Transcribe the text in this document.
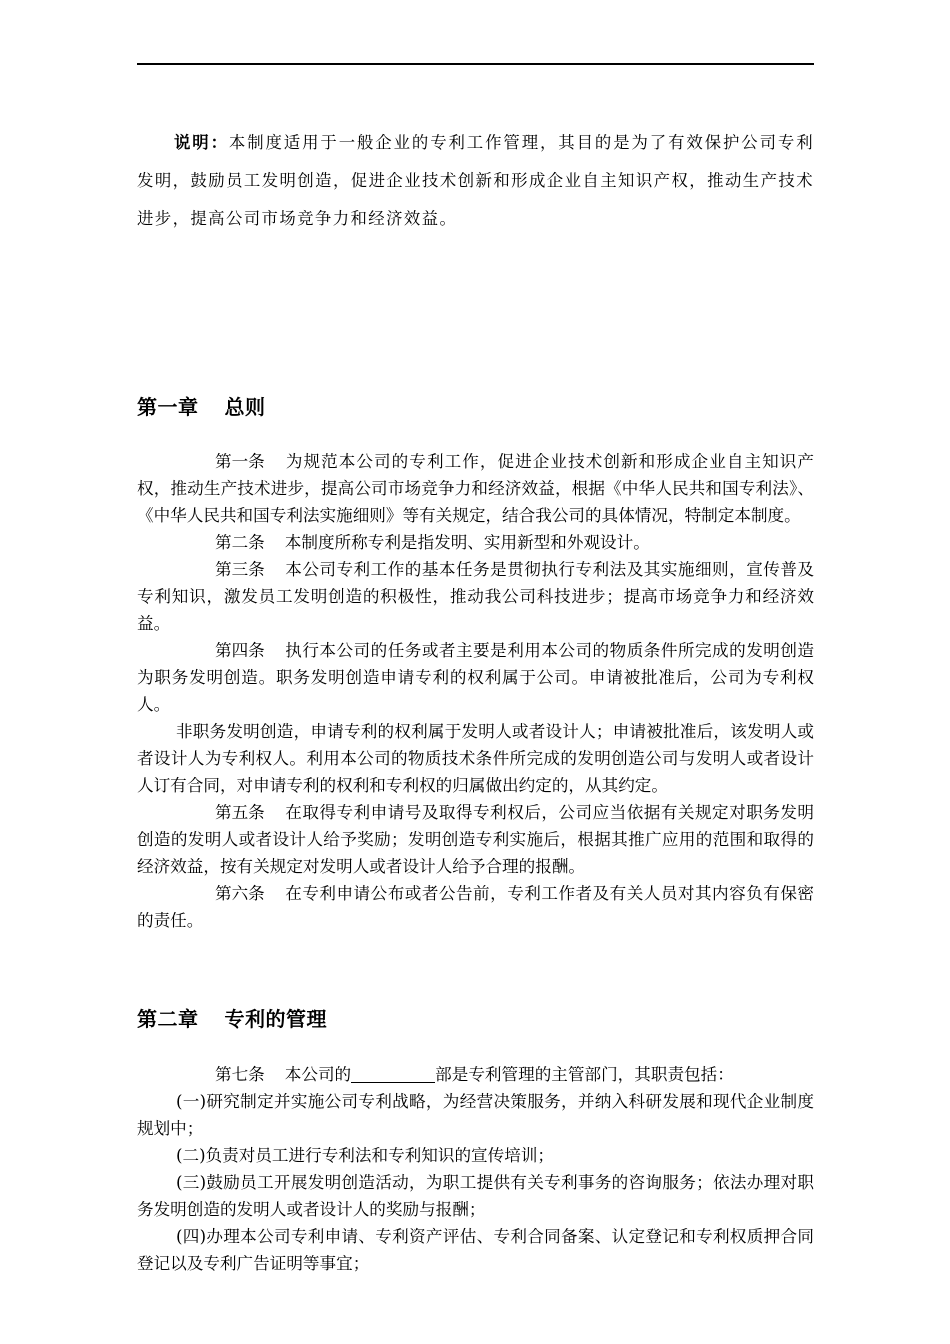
说明：本制度适用于一般企业的专利工作管理，其目的是为了有效保护公司专利发明，鼓励员工发明创造，促进企业技术创新和形成企业自主知识产权，推动生产技术进步，提高公司市场竞争力和经济效益。
第一章 总则

第一条 为规范本公司的专利工作，促进企业技术创新和形成企业自主知识产权，推动生产技术进步，提高公司市场竞争力和经济效益，根据《中华人民共和国专利法》、 《中华人民共和国专利法实施细则》等有关规定，结合我公司的具体情况，特制定本制度。

第二条 本制度所称专利是指发明、实用新型和外观设计。

第三条 本公司专利工作的基本任务是贯彻执行专利法及其实施细则，宣传普及专利知识，激发员工发明创造的积极性，推动我公司科技进步；提高市场竞争力和经济效益。

第四条 执行本公司的任务或者主要是利用本公司的物质条件所完成的发明创造为职务发明创造。职务发明创造申请专利的权利属于公司。申请被批准后，公司为专利权人。

非职务发明创造，申请专利的权利属于发明人或者设计人；申请被批准后，该发明人或者设计人为专利权人。利用本公司的物质技术条件所完成的发明创造公司与发明人或者设计人订有合同，对申请专利的权利和专利权的归属做出约定的，从其约定。

第五条 在取得专利申请号及取得专利权后，公司应当依据有关规定对职务发明创造的发明人或者设计人给予奖励；发明创造专利实施后，根据其推广应用的范围和取得的经济效益，按有关规定对发明人或者设计人给予合理的报酬。

第六条 在专利申请公布或者公告前，专利工作者及有关人员对其内容负有保密的责任。

第二章 专利的管理

第七条 本公司的	部是专利管理的主管部门，其职责包括：

(一)研究制定并实施公司专利战略，为经营决策服务，并纳入科研发展和现代企业制度规划中；

(二)负责对员工进行专利法和专利知识的宣传培训；

(三)鼓励员工开展发明创造活动，为职工提供有关专利事务的咨询服务；依法办理对职务发明创造的发明人或者设计人的奖励与报酬；

(四)办理本公司专利申请、专利资产评估、专利合同备案、认定登记和专利权质押合同登记以及专利广告证明等事宜；
